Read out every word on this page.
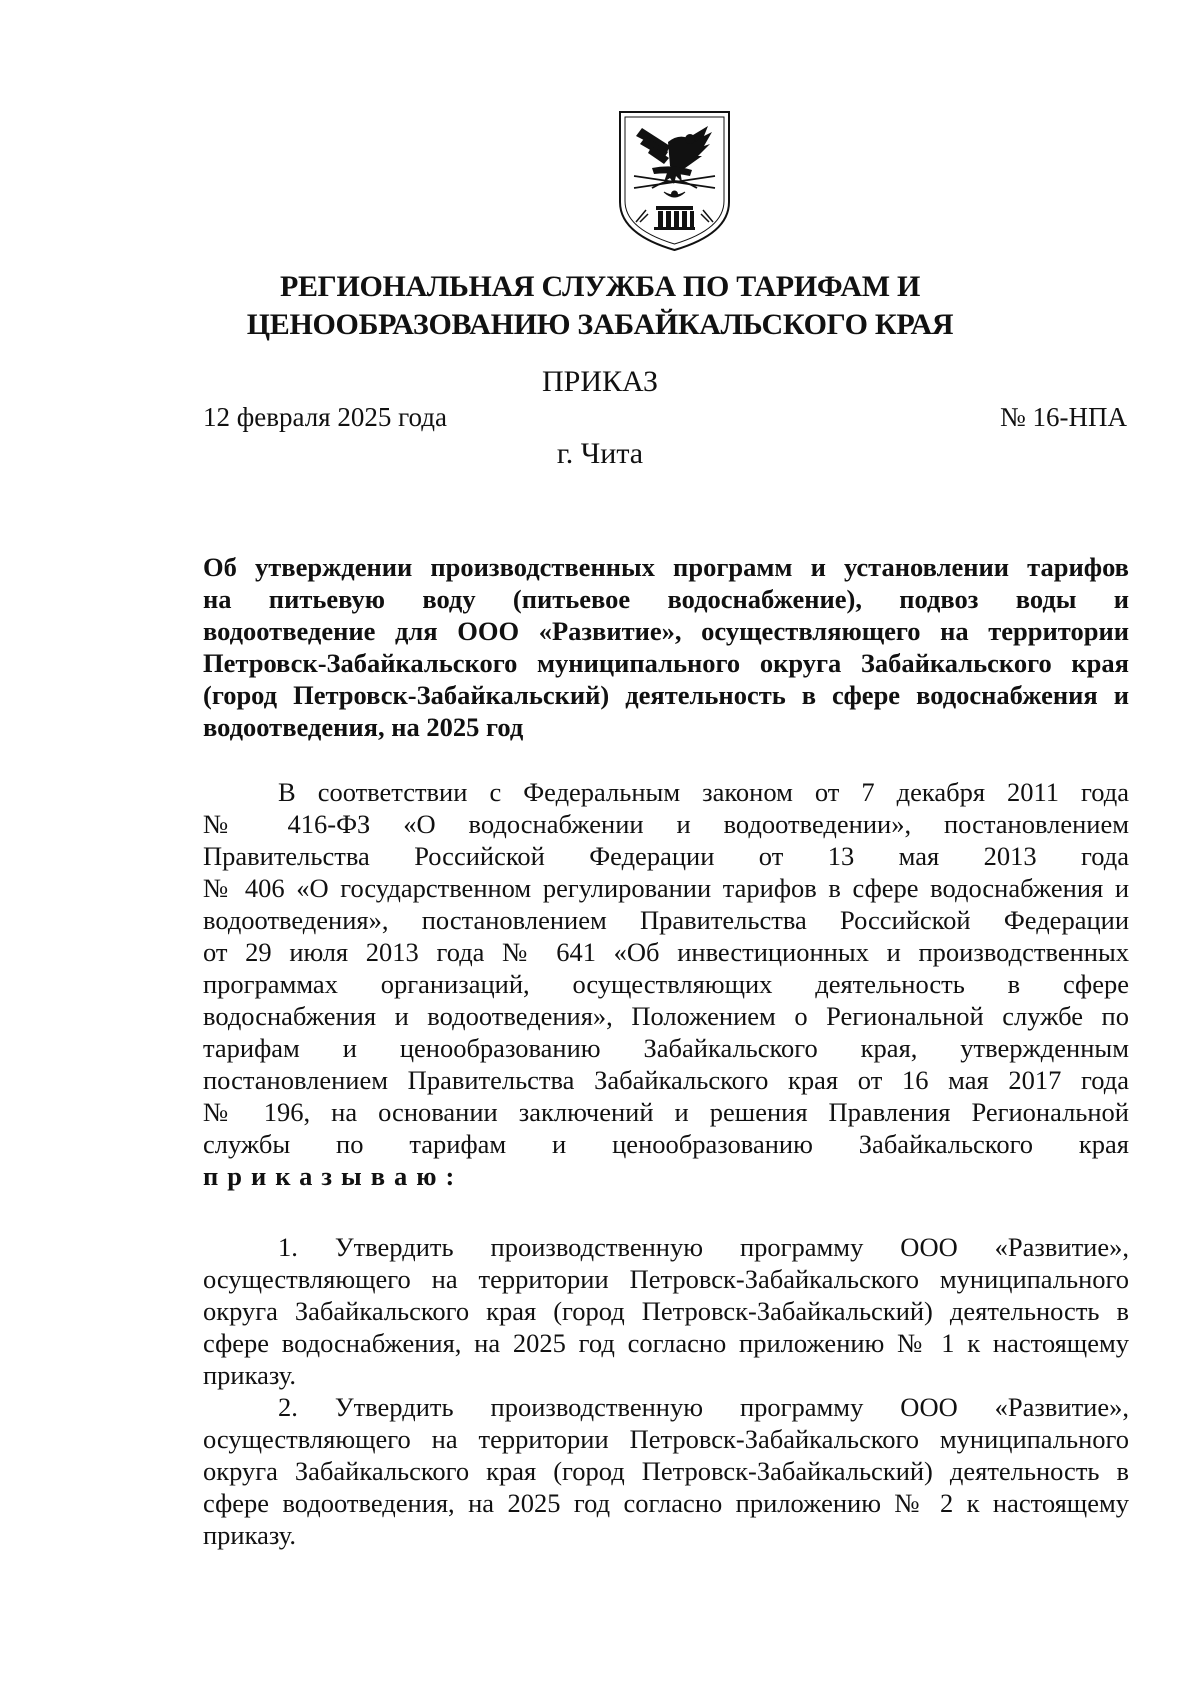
РЕГИОНАЛЬНАЯ СЛУЖБА ПО ТАРИФАМ И
ЦЕНООБРАЗОВАНИЮ ЗАБАЙКАЛЬСКОГО КРАЯ
ПРИКАЗ
12 февраля 2025 года	№ 16-НПА
г. Чита
Об утверждении производственных программ и установлении тарифов
на питьевую воду (питьевое водоснабжение), подвоз воды и
водоотведение для ООО «Развитие», осуществляющего на территории
Петровск-Забайкальского муниципального округа Забайкальского края
(город Петровск-Забайкальский) деятельность в сфере водоснабжения и
водоотведения, на 2025 год
В соответствии с Федеральным законом от 7 декабря 2011 года
№ 416-ФЗ «О водоснабжении и водоотведении», постановлением
Правительства Российской Федерации от 13 мая 2013 года
№ 406 «О государственном регулировании тарифов в сфере водоснабжения и
водоотведения», постановлением Правительства Российской Федерации
от 29 июля 2013 года № 641 «Об инвестиционных и производственных
программах организаций, осуществляющих деятельность в сфере
водоснабжения и водоотведения», Положением о Региональной службе по
тарифам и ценообразованию Забайкальского края, утвержденным
постановлением Правительства Забайкальского края от 16 мая 2017 года
№ 196, на основании заключений и решения Правления Региональной
службы по тарифам и ценообразованию Забайкальского края
приказываю:
1. Утвердить производственную программу ООО «Развитие»,
осуществляющего на территории Петровск-Забайкальского муниципального
округа Забайкальского края (город Петровск-Забайкальский) деятельность в
сфере водоснабжения, на 2025 год согласно приложению № 1 к настоящему
приказу.
2. Утвердить производственную программу ООО «Развитие»,
осуществляющего на территории Петровск-Забайкальского муниципального
округа Забайкальского края (город Петровск-Забайкальский) деятельность в
сфере водоотведения, на 2025 год согласно приложению № 2 к настоящему
приказу.
